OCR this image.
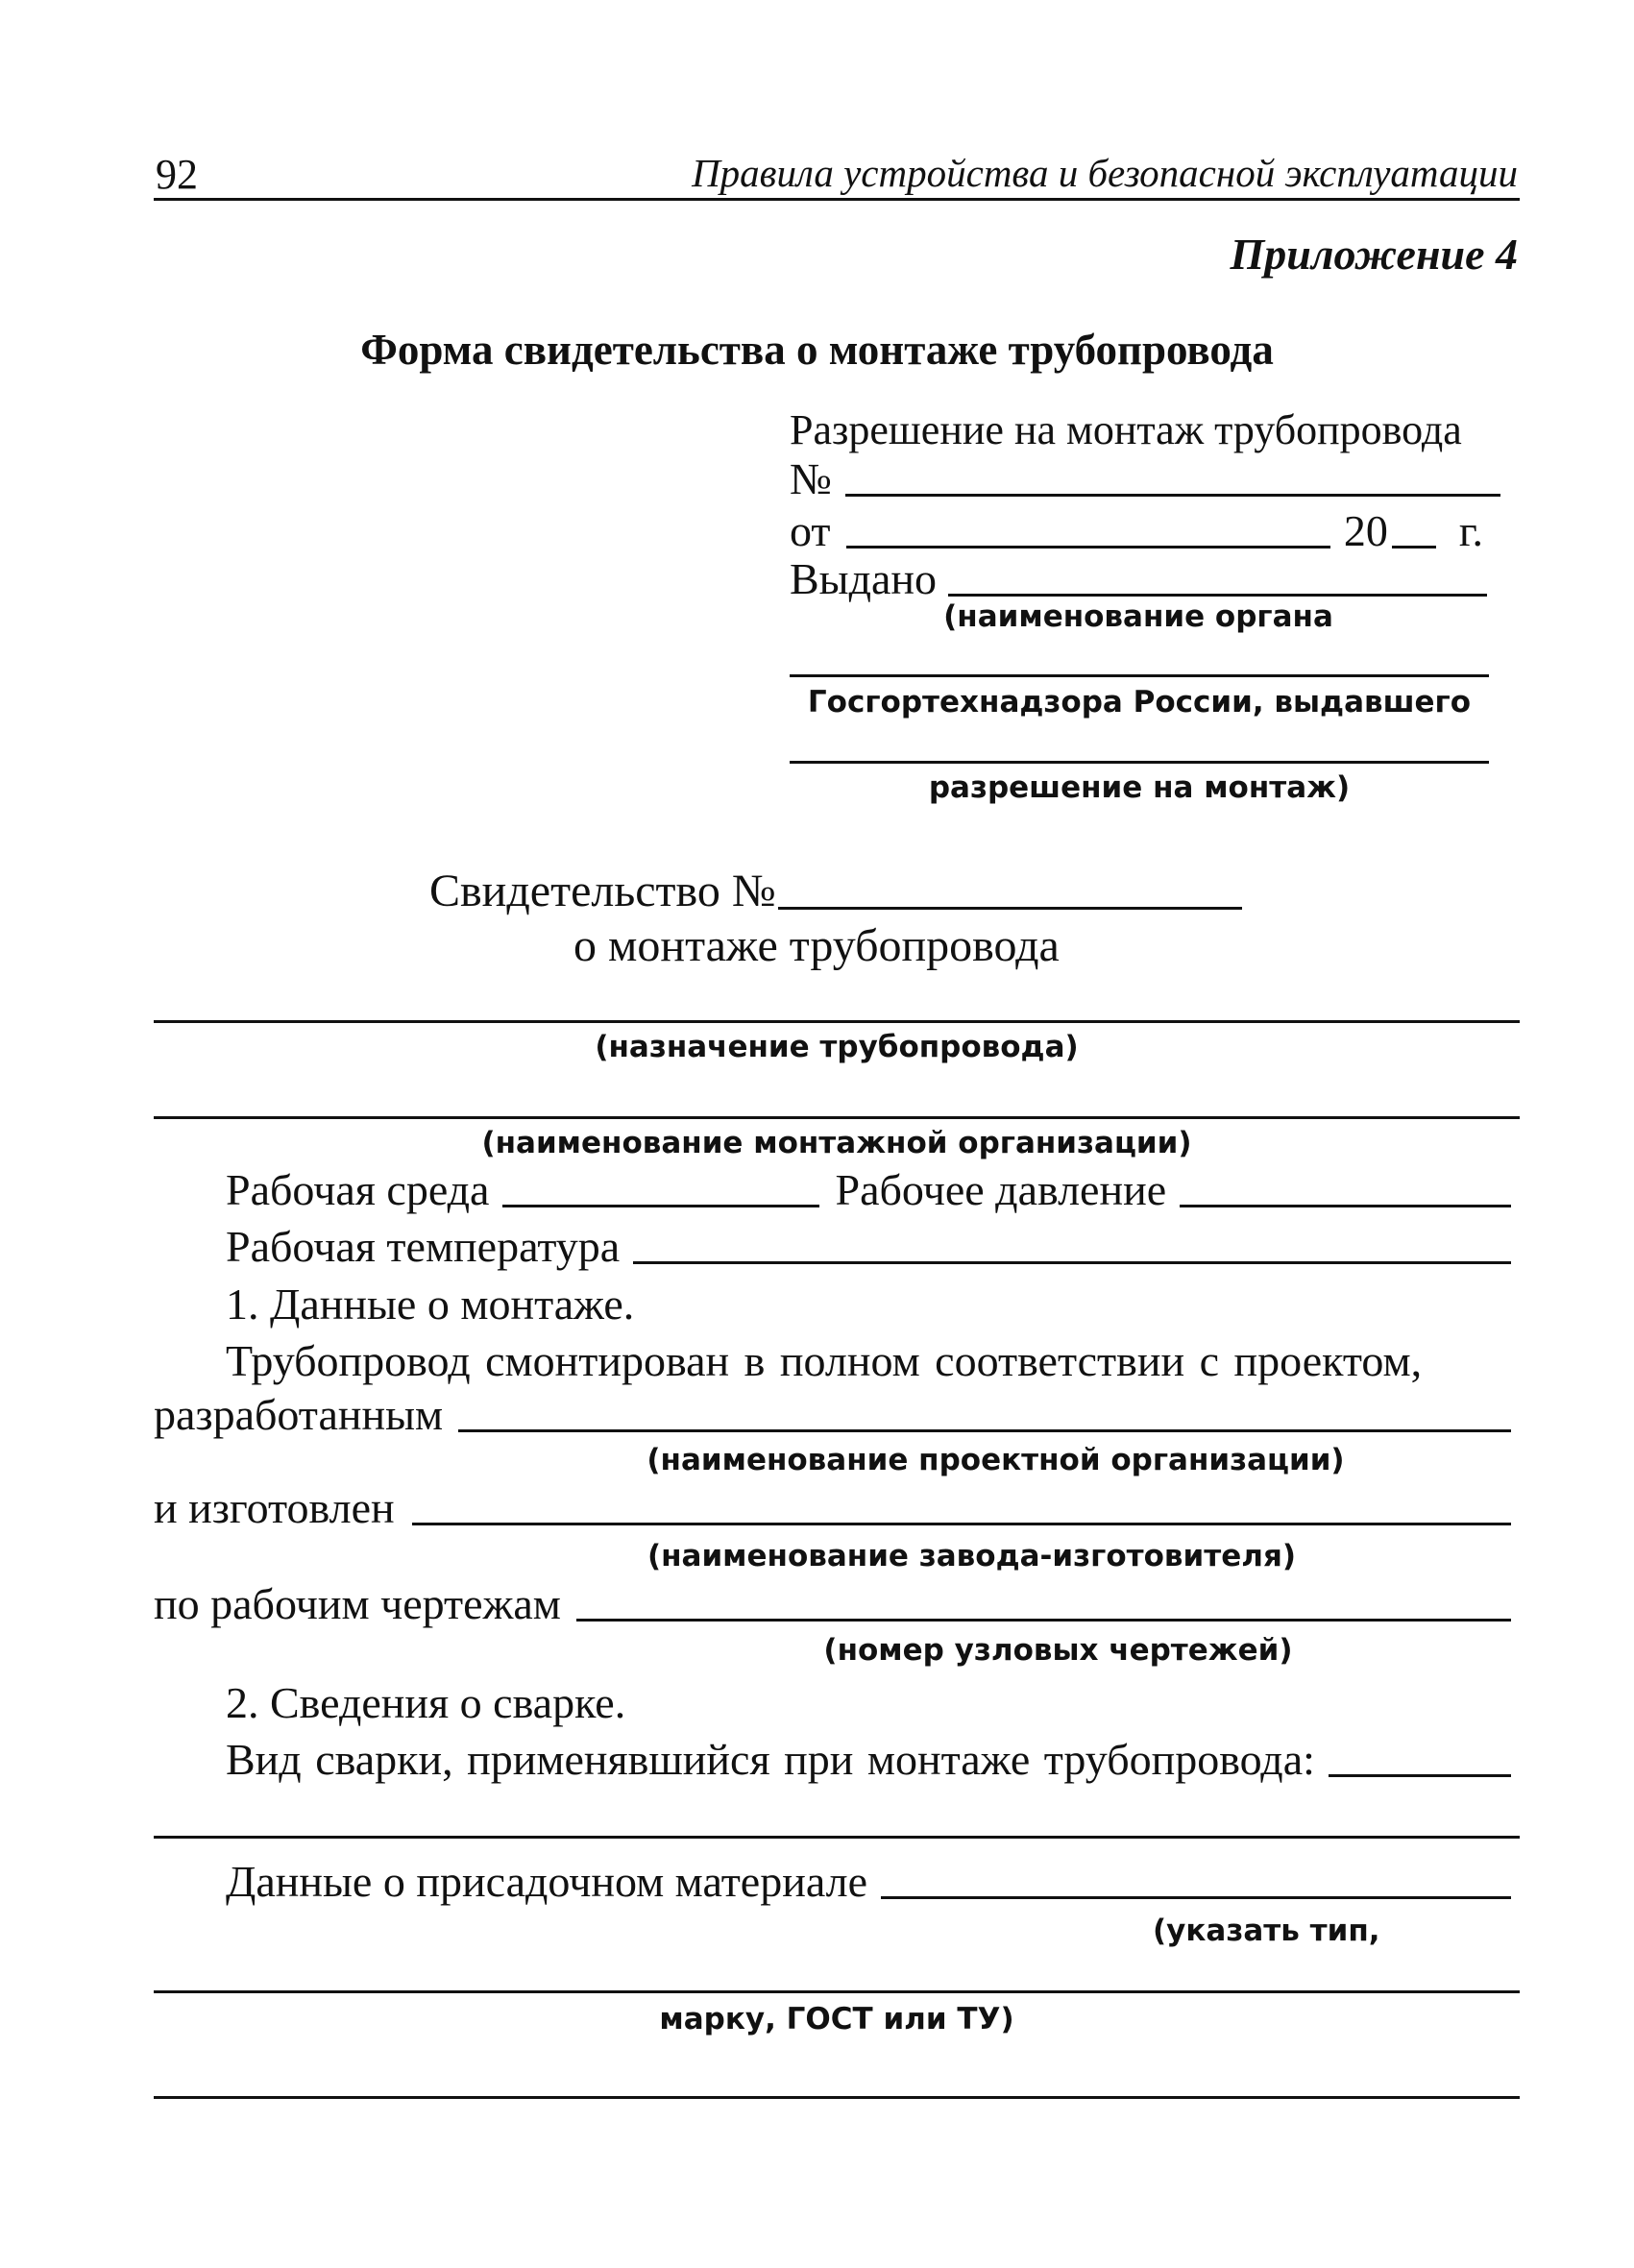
92	Правила устройства и безопасной эксплуатации
Приложение 4
Форма свидетельства о монтаже трубопровода
Разрешение на монтаж трубопровода
№
от	20 г.
Выдано
(наименование органа
Госгортехнадзора России, выдавшего
разрешение на монтаж)
Свидетельство №
о монтаже трубопровода
(назначение трубопровода)
(наименование монтажной организации)
Рабочая среда	Рабочее давление
Рабочая температура
1. Данные о монтаже.
Трубопровод смонтирован в полном соответствии с проектом,
разработанным
(наименование проектной организации)
и изготовлен
(наименование завода-изготовителя)
по рабочим чертежам
(номер узловых чертежей)
2. Сведения о сварке.
Вид сварки, применявшийся при монтаже трубопровода:
Данные о присадочном материале
(указать тип,
марку, ГОСТ или ТУ)
